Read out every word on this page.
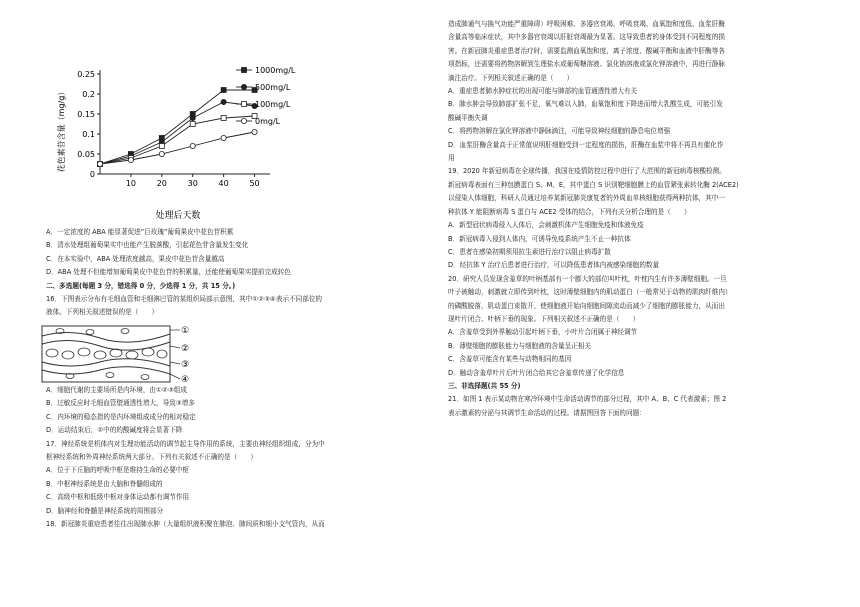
0
0.05
0.1
0.15
0.2
0.25
10	20	30	40	50
1000mg/L
500mg/L
100mg/L
0mg/L
花色素苷含量（mg/g）
处理后天数
①
②
③
④
A．一定浓度的 ABA 能显著促进“巨玫瑰”葡萄果皮中花色苷积累
B．清水处理组葡萄果实中也能产生脱落酸，引起花色苷含量发生变化
C．在本实验中，ABA 处理浓度越高，果皮中花色苷含量越高
D．ABA 处理不但能增加葡萄果皮中花色苷的积累量，还能使葡萄果实提前完成转色
二、多选题(每题 3 分，错选得 0 分，少选得 1 分，共 15 分。)
16．下图表示分布有毛细血管和毛细淋巴管的某组织局部示意图，其中①②③④表示不同部位的
液体。下列相关叙述错误的是（　　）
A．细胞代谢的主要场所是内环境，由①②③组成
B．过敏反应时毛细血管壁通透性增大，导致③增多
C．内环境的稳态指的是内环境组成成分的相对稳定
D．运动结束后，②中的的酸碱度将会显著下降
17．神经系统是机体内对生理功能活动的调节起主导作用的系统，主要由神经组织组成，分为中
枢神经系统和外周神经系统两大部分。下列有关叙述不正确的是（　　）
A．位于下丘脑的呼吸中枢是维持生命的必要中枢
B．中枢神经系统是由大脑和脊髓组成的
C．高级中枢和低级中枢对身体运动都有调节作用
D．脑神经和脊髓是神经系统的周围部分
18．新冠肺炎重症患者往往出现肺水肿（大量组织液积聚在肺泡、肺间质和细小支气管内，从而
造成肺通气与换气功能严重障碍）呼吸困难、多器官衰竭、呼吸衰竭、血氧饱和度低、血浆肝酶
含量高等临床症状，其中多器官衰竭以肝脏衰竭最为显著。这导致患者的身体受到不同程度的损
害。在新冠肺炎重症患者治疗时，需要监测血氧饱和度，离子浓度、酸碱平衡和血液中肝酶等各
项指标，还需要将药物溶解到生理盐水或葡萄糖溶液、氯化钠溶液或氯化钾溶液中，再进行静脉
滴注治疗。下列相关叙述正确的是（　　）
A．重症患者肺水肿症状的出现可能与肺部的血管通透性增大有关
B．肺水肿会导致肺部扩张不足，氧气难以入肺，血氧饱和度下降进而增大乳酸生成，可能引发
酸碱平衡失调
C．将药物溶解在氯化钾溶液中静脉滴注，可能导致神经细胞的静息电位增强
D．血浆肝酶含量高于正常值说明肝细胞受到一定程度的损伤，肝酶在血浆中将不再具有催化作
用
19．2020 年新冠病毒在全球传播，我国在疫情防控过程中进行了大范围的新冠病毒核酸检测。
新冠病毒表面有三种包膜蛋白 S、M、E，其中蛋白 S 识别靶细胞膜上的血管紧张素转化酶 2(ACE2)
以侵染人体细胞，科研人员通过培养某新冠肺炎康复者的外周血单核细胞获得两种抗体，其中一
种抗体 Y 能阻断病毒 S 蛋白与 ACE2 受体的结合，下列有关分析合理的是（　　）
A．新型冠状病毒侵入人体后，会刺激机体产生细胞免疫和体液免疫
B．新冠病毒入侵到人体内，可诱导免疫系统产生不止一种抗体
C．患者在感染初期须用抗生素进行治疗以阻止病毒扩散
D．经抗体 Y 治疗后患者进行治疗，可以降低患者体内被感染细胞的数量
20．研究人员发现含羞草的叶柄基部有一个膨大的部位叫叶枕，叶枕内生有许多薄壁细胞。一旦
叶子被触动，刺激就立即传到叶枕，这时薄壁细胞内的肌动蛋白（一般常见于动物的肌肉纤维内）
的磷酸脱落，肌动蛋白束散开，使细胞液开始向细胞间隙流动而减少了细胞的膨胀能力，从而出
现叶片闭合、叶柄下垂的现象。下列相关叙述不正确的是（　　）
A．含羞草受到外界触动引起叶柄下垂，小叶片合闭属于神经调节
B．薄壁细胞的膨胀能力与细胞液的含量呈正相关
C．含羞草可能含有某些与动物相同的基因
D．触动含羞草叶片后叶片闭合给其它含羞草传递了化学信息
三、非选择题(共 55 分)
21．如图 1 表示某动物在寒冷环境中生命活动调节的部分过程，其中 A、B、C 代表激素；图 2
表示激素的分泌与其调节生命活动的过程。请据图回答下面的问题：
